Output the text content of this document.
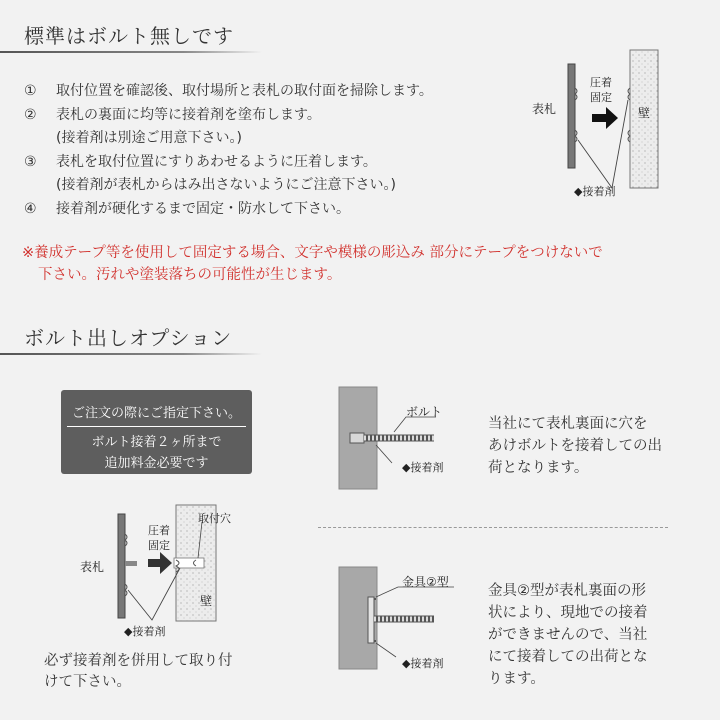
標準はボルト無しです
① 取付位置を確認後、取付場所と表札の取付面を掃除します。
② 表札の裏面に均等に接着剤を塗布します。
(接着剤は別途ご用意下さい。)
③ 表札を取付位置にすりあわせるように圧着します。
(接着剤が表札からはみ出さないようにご注意下さい。)
④ 接着剤が硬化するまで固定・防水して下さい。
※養成テープ等を使用して固定する場合、文字や模様の彫込み 部分にテープをつけないで
下さい。汚れや塗装落ちの可能性が生じます。
表札
圧着
固定
壁
◆接着剤
ボルト出しオプション
ご注文の際にご指定下さい。
ボルト接着２ヶ所まで
追加料金必要です
取付穴
圧着
固定
表札
壁
◆接着剤
必ず接着剤を併用して取り付
けて下さい。
ボルト
◆接着剤
当社にて表札裏面に穴を
あけボルトを接着しての出
荷となります。
金具②型
◆接着剤
金具②型が表札裏面の形
状により、現地での接着
ができませんので、当社
にて接着しての出荷とな
ります。
